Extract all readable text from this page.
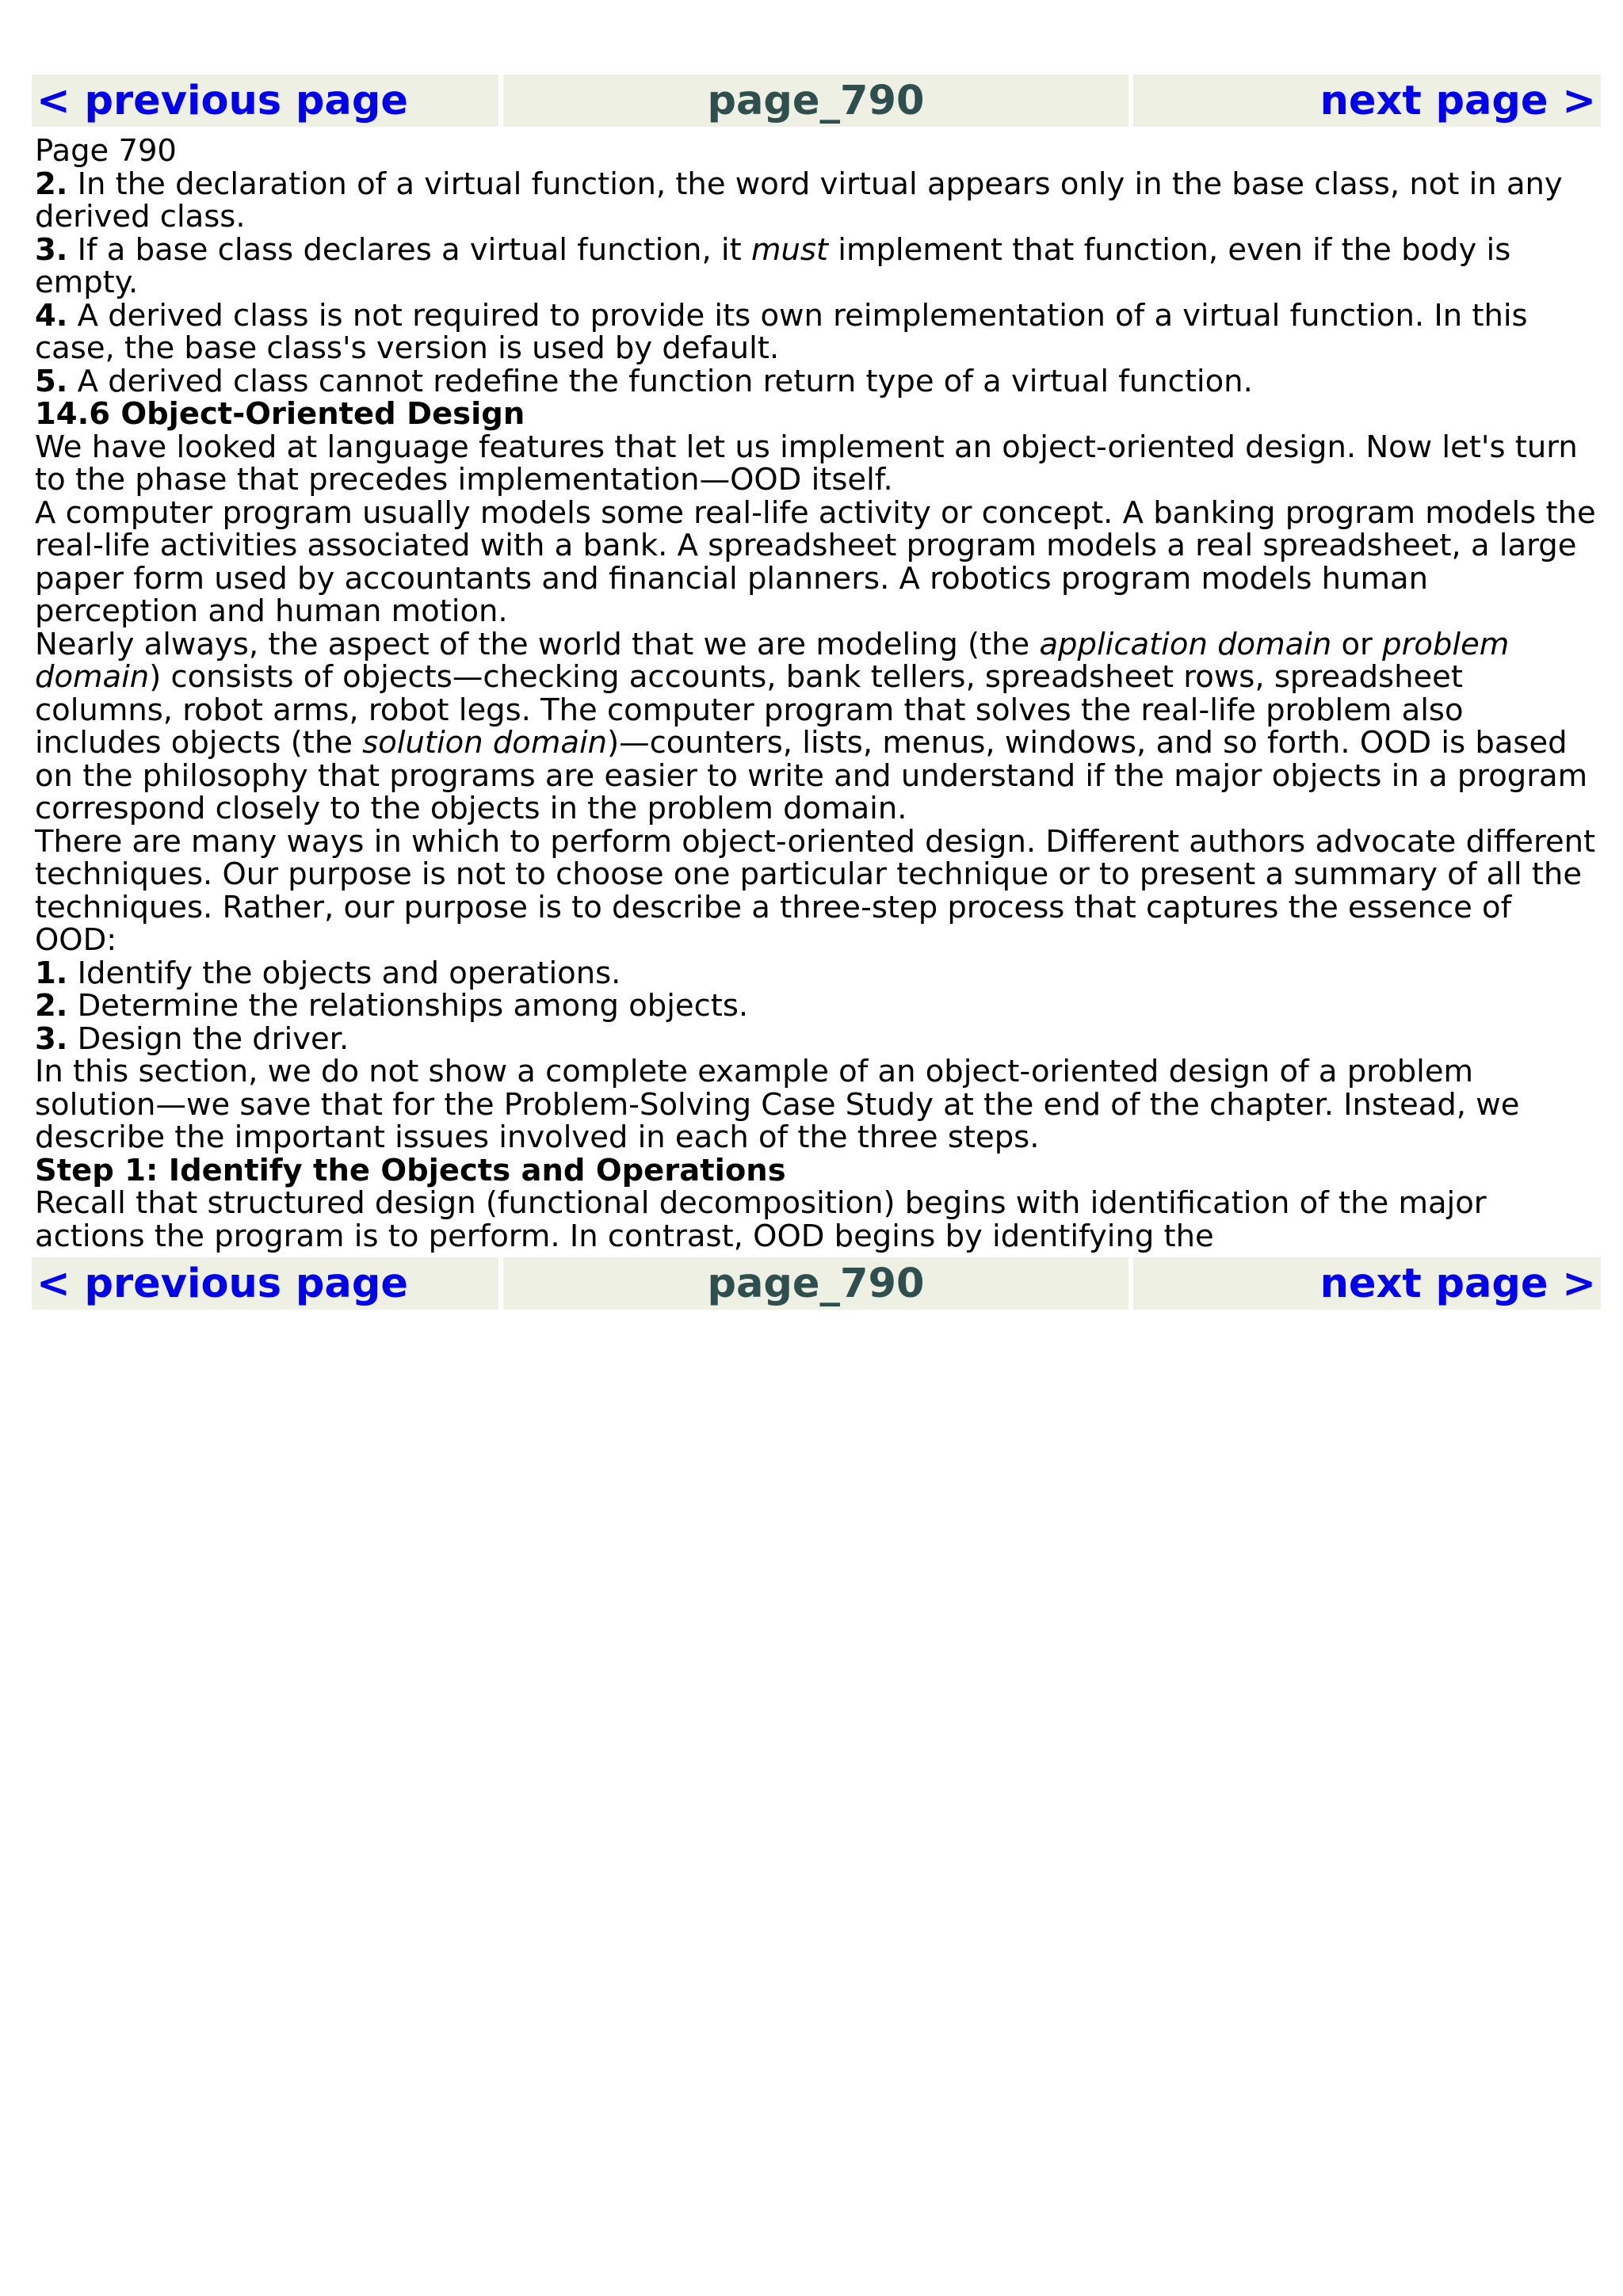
< previous page	page_790	next page >

Page 790

2. In the declaration of a virtual function, the word virtual appears only in the base class, not in any derived class.

3. If a base class declares a virtual function, it must implement that function, even if the body is empty.

4. A derived class is not required to provide its own reimplementation of a virtual function. In this case, the base class's version is used by default.

5. A derived class cannot redefine the function return type of a virtual function.

14.6 Object-Oriented Design

We have looked at language features that let us implement an object-oriented design. Now let's turn to the phase that precedes implementation—OOD itself.

A computer program usually models some real-life activity or concept. A banking program models the real-life activities associated with a bank. A spreadsheet program models a real spreadsheet, a large paper form used by accountants and financial planners. A robotics program models human perception and human motion.

Nearly always, the aspect of the world that we are modeling (the application domain or problem domain) consists of objects—checking accounts, bank tellers, spreadsheet rows, spreadsheet columns, robot arms, robot legs. The computer program that solves the real-life problem also includes objects (the solution domain)—counters, lists, menus, windows, and so forth. OOD is based on the philosophy that programs are easier to write and understand if the major objects in a program correspond closely to the objects in the problem domain.

There are many ways in which to perform object-oriented design. Different authors advocate different techniques. Our purpose is not to choose one particular technique or to present a summary of all the techniques. Rather, our purpose is to describe a three-step process that captures the essence of OOD:

1. Identify the objects and operations.

2. Determine the relationships among objects.

3. Design the driver.

In this section, we do not show a complete example of an object-oriented design of a problem solution—we save that for the Problem-Solving Case Study at the end of the chapter. Instead, we describe the important issues involved in each of the three steps.

Step 1: Identify the Objects and Operations

Recall that structured design (functional decomposition) begins with identification of the major actions the program is to perform. In contrast, OOD begins by identifying the

< previous page	page_790	next page >
